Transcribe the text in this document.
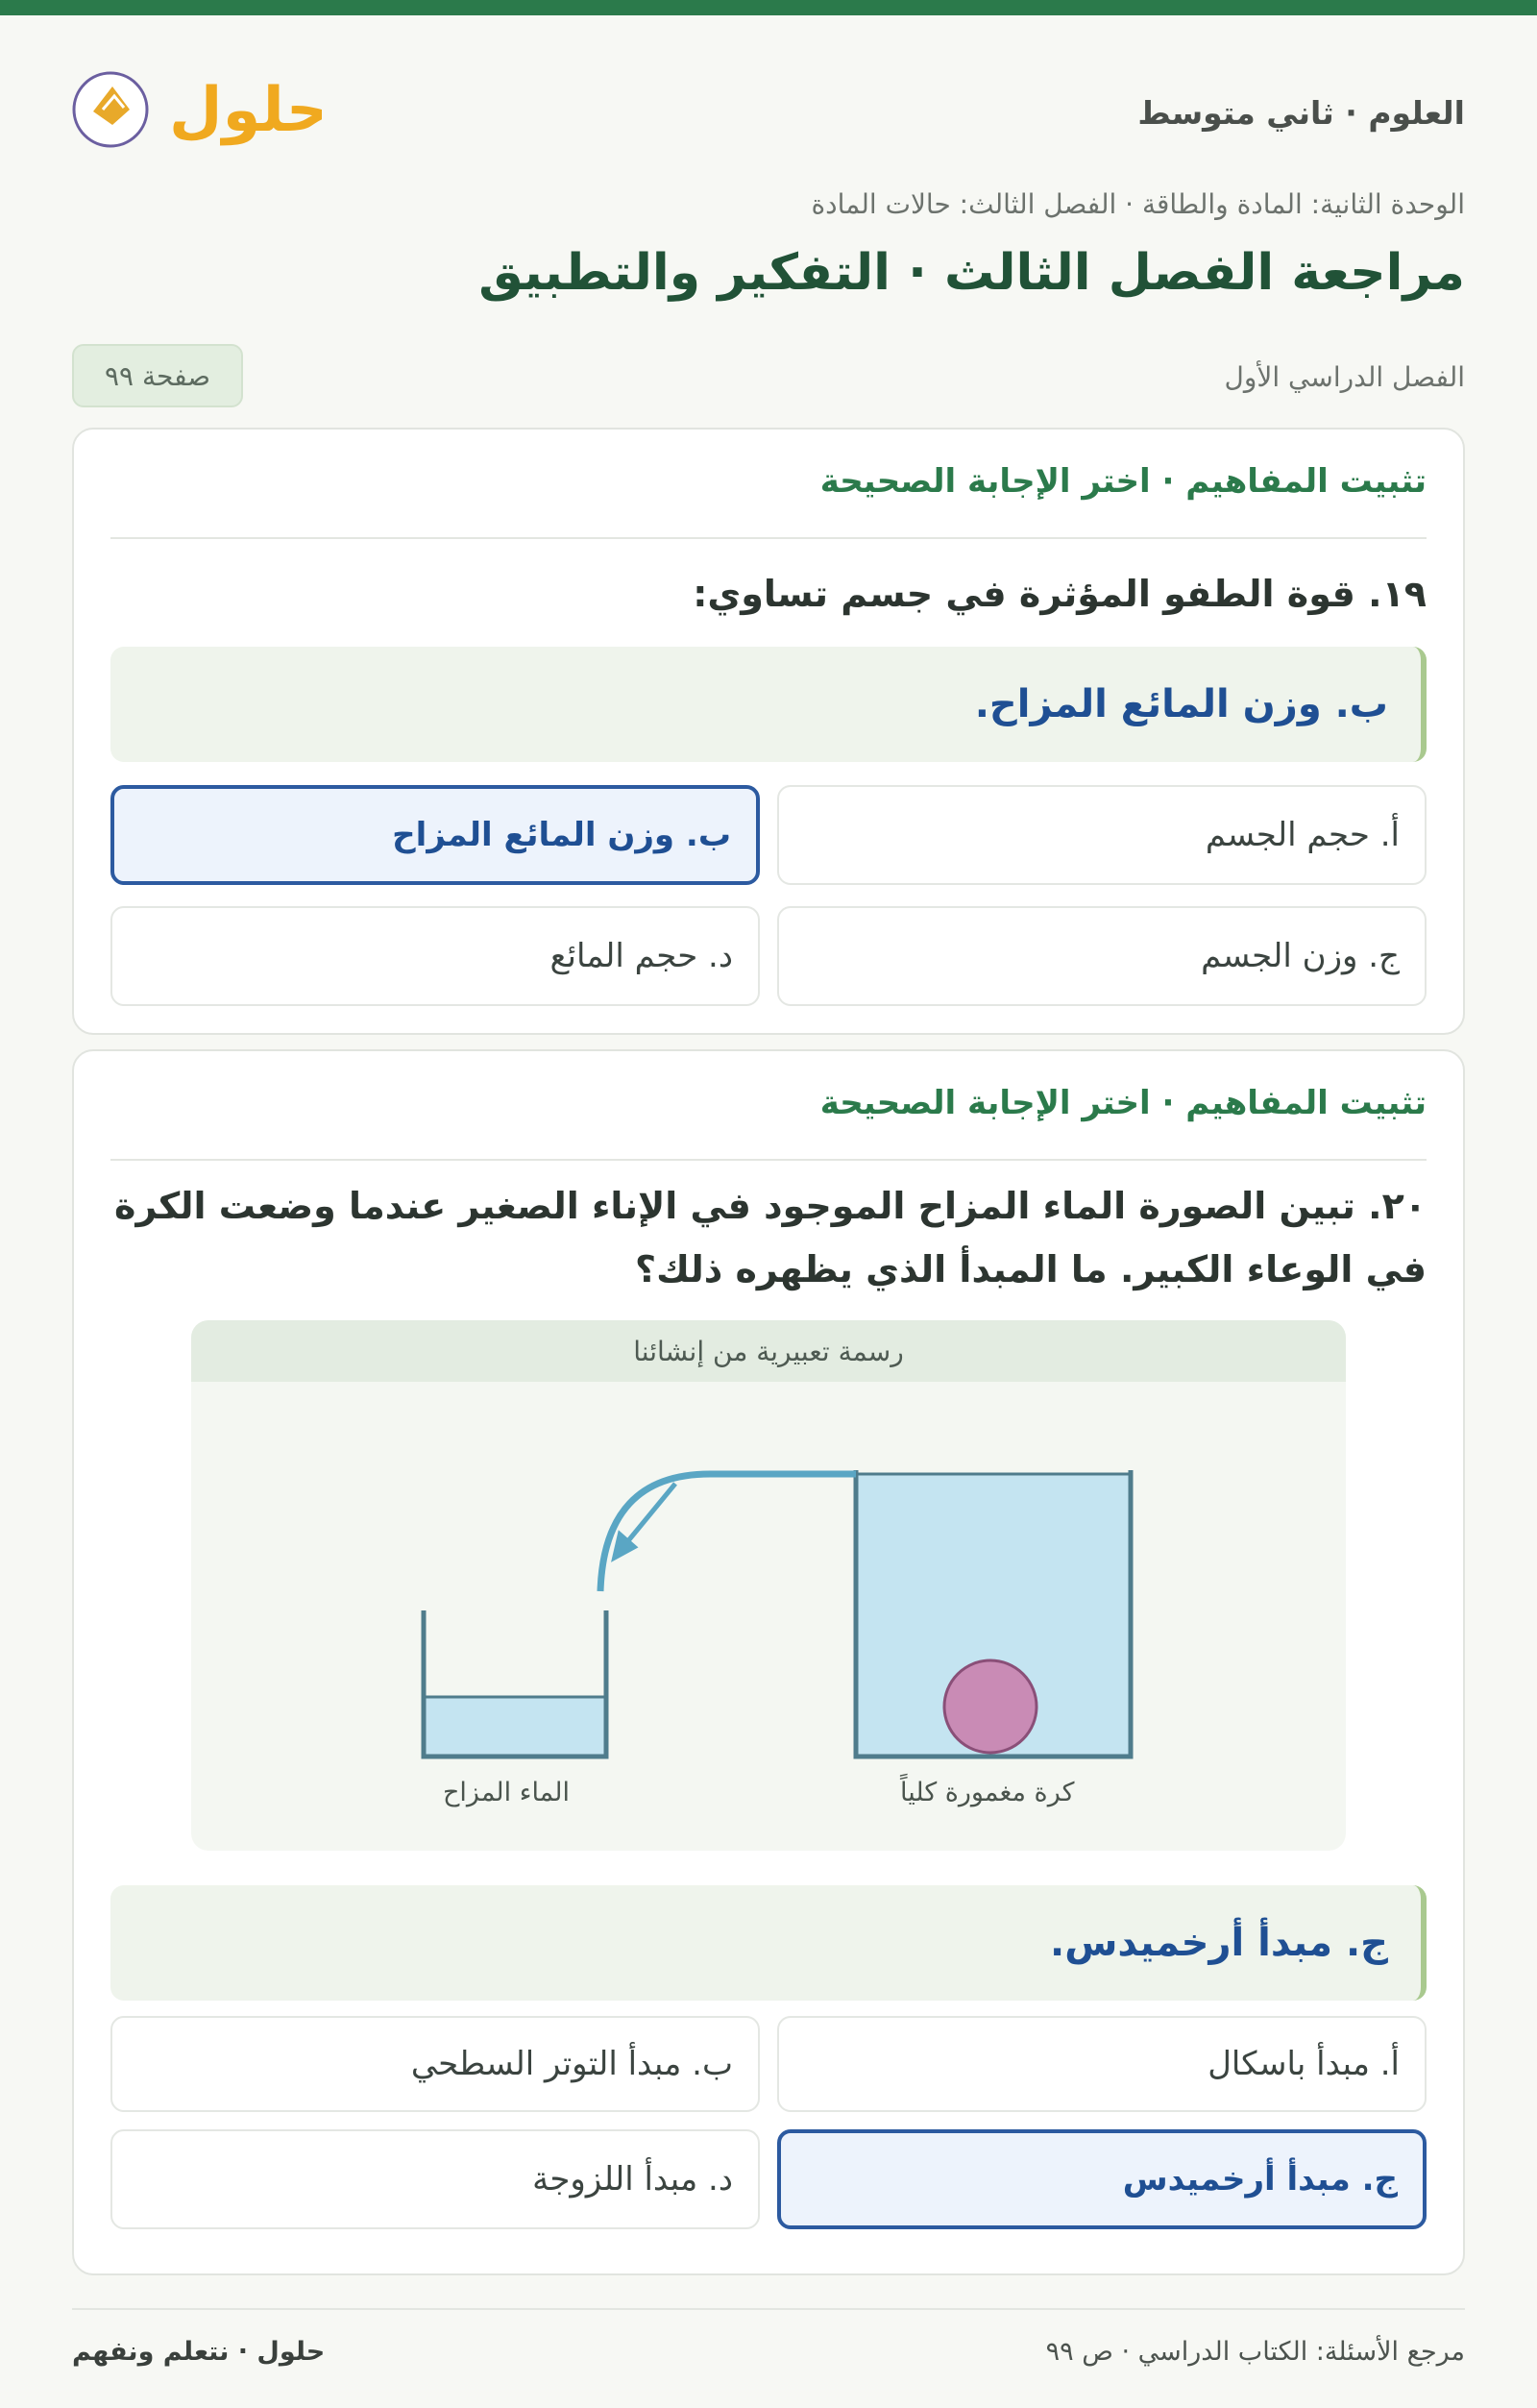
العلوم · ثاني متوسط
حلول
الوحدة الثانية: المادة والطاقة · الفصل الثالث: حالات المادة
مراجعة الفصل الثالث · التفكير والتطبيق
الفصل الدراسي الأول
صفحة ٩٩
تثبيت المفاهيم · اختر الإجابة الصحيحة
١٩. قوة الطفو المؤثرة في جسم تساوي:
ب. وزن المائع المزاح.
أ. حجم الجسم
ب. وزن المائع المزاح
ج. وزن الجسم
د. حجم المائع
تثبيت المفاهيم · اختر الإجابة الصحيحة
٢٠. تبين الصورة الماء المزاح الموجود في الإناء الصغير عندما وضعت الكرة في الوعاء الكبير. ما المبدأ الذي يظهره ذلك؟
رسمة تعبيرية من إنشائنا
الماء المزاح	كرة مغمورة كلياً
ج. مبدأ أرخميدس.
أ. مبدأ باسكال
ب. مبدأ التوتر السطحي
ج. مبدأ أرخميدس
د. مبدأ اللزوجة
مرجع الأسئلة: الكتاب الدراسي · ص ٩٩
حلول · نتعلم ونفهم
